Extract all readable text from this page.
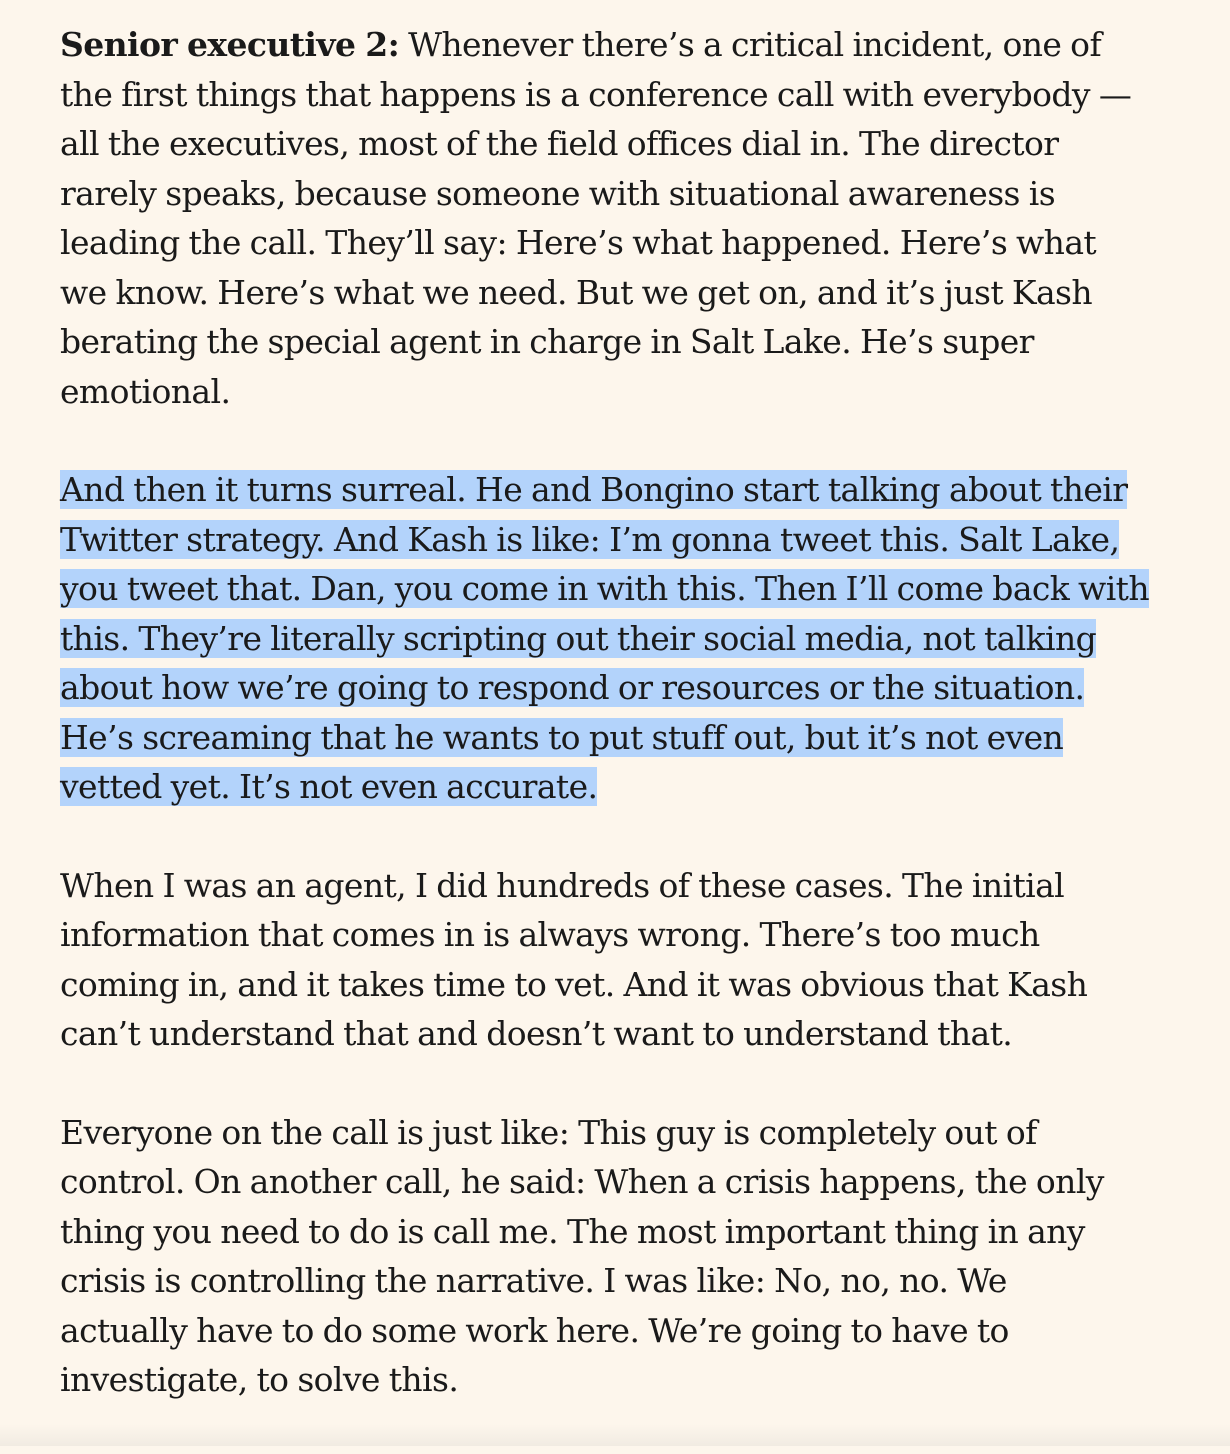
Senior executive 2: Whenever there’s a critical incident, one of the first things that happens is a conference call with everybody — all the executives, most of the field offices dial in. The director rarely speaks, because someone with situational awareness is leading the call. They’ll say: Here’s what happened. Here’s what we know. Here’s what we need. But we get on, and it’s just Kash berating the special agent in charge in Salt Lake. He’s super emotional.

And then it turns surreal. He and Bongino start talking about their Twitter strategy. And Kash is like: I’m gonna tweet this. Salt Lake, you tweet that. Dan, you come in with this. Then I’ll come back with this. They’re literally scripting out their social media, not talking about how we’re going to respond or resources or the situation. He’s screaming that he wants to put stuff out, but it’s not even vetted yet. It’s not even accurate.

When I was an agent, I did hundreds of these cases. The initial information that comes in is always wrong. There’s too much coming in, and it takes time to vet. And it was obvious that Kash can’t understand that and doesn’t want to understand that.

Everyone on the call is just like: This guy is completely out of control. On another call, he said: When a crisis happens, the only thing you need to do is call me. The most important thing in any crisis is controlling the narrative. I was like: No, no, no. We actually have to do some work here. We’re going to have to investigate, to solve this.
